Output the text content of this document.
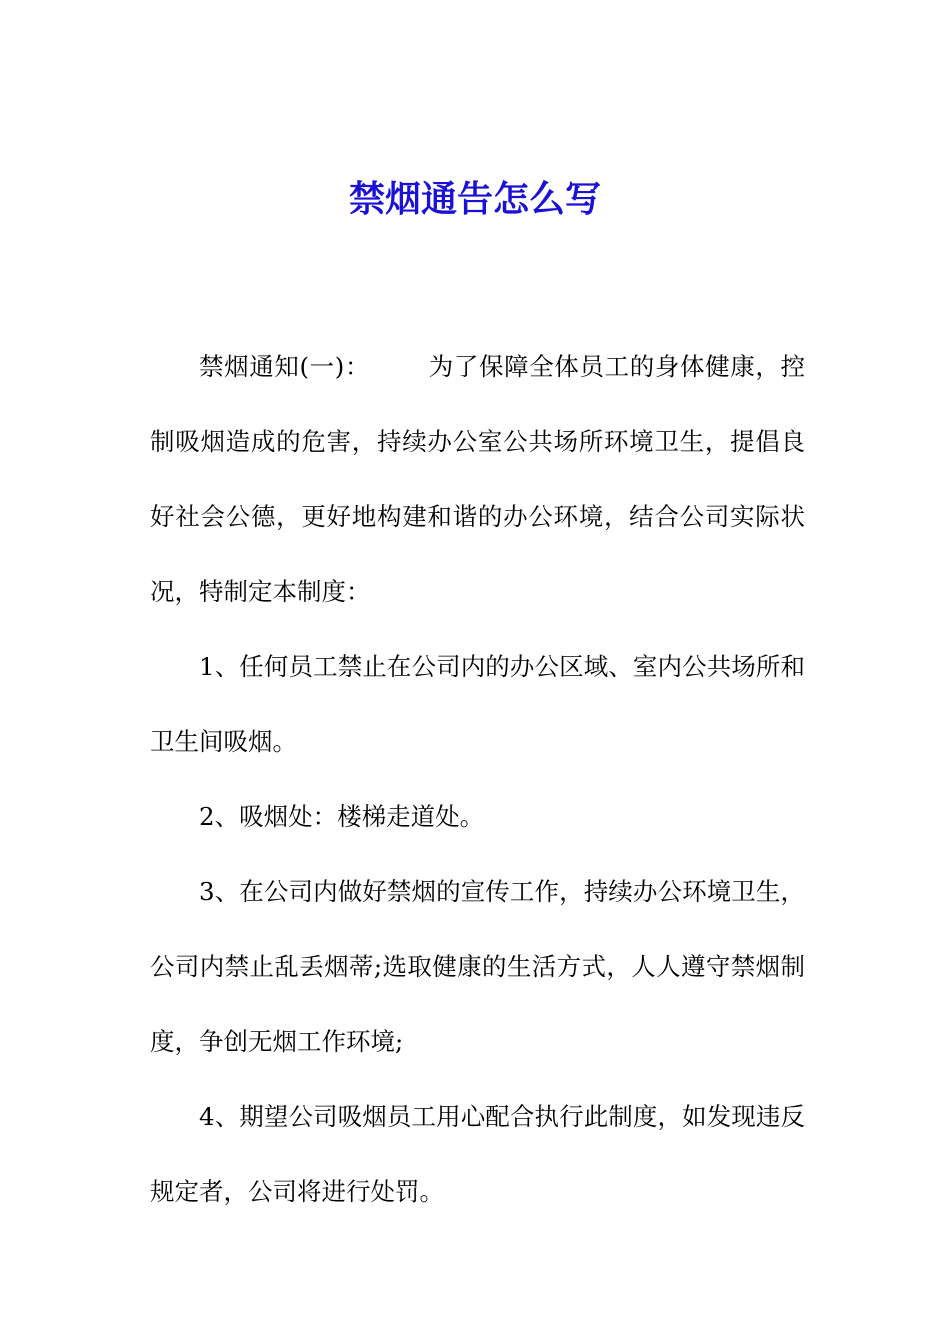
禁烟通告怎么写

禁烟通知(一)： 为了保障全体员工的身体健康，控制吸烟造成的危害，持续办公室公共场所环境卫生，提倡良好社会公德，更好地构建和谐的办公环境，结合公司实际状况，特制定本制度：

1、任何员工禁止在公司内的办公区域、室内公共场所和卫生间吸烟。

2、吸烟处：楼梯走道处。

3、在公司内做好禁烟的宣传工作，持续办公环境卫生，公司内禁止乱丢烟蒂;选取健康的生活方式，人人遵守禁烟制度，争创无烟工作环境;

4、期望公司吸烟员工用心配合执行此制度，如发现违反规定者，公司将进行处罚。
